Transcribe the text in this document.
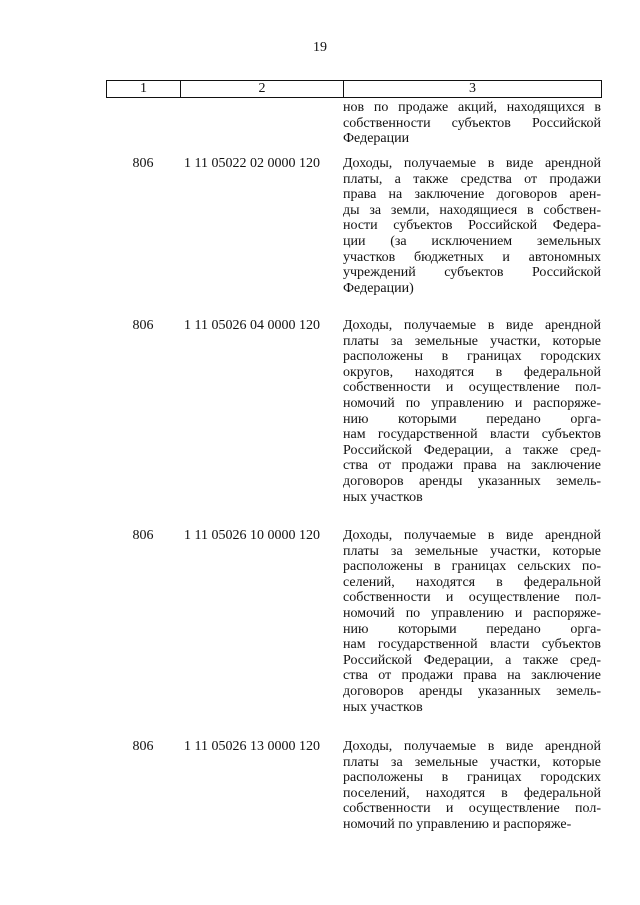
19
1	2	3
нов по продаже акций, находящихся в
собственности субъектов Российской
Федерации
806	1 11 05022 02 0000 120	Доходы, получаемые в виде арендной
платы, а также средства от продажи
права на заключение договоров арен-
ды за земли, находящиеся в собствен-
ности субъектов Российской Федера-
ции (за исключением земельных
участков бюджетных и автономных
учреждений субъектов Российской
Федерации)
806	1 11 05026 04 0000 120	Доходы, получаемые в виде арендной
платы за земельные участки, которые
расположены в границах городских
округов, находятся в федеральной
собственности и осуществление пол-
номочий по управлению и распоряже-
нию которыми передано орга-
нам государственной власти субъектов
Российской Федерации, а также сред-
ства от продажи права на заключение
договоров аренды указанных земель-
ных участков
806	1 11 05026 10 0000 120	Доходы, получаемые в виде арендной
платы за земельные участки, которые
расположены в границах сельских по-
селений, находятся в федеральной
собственности и осуществление пол-
номочий по управлению и распоряже-
нию которыми передано орга-
нам государственной власти субъектов
Российской Федерации, а также сред-
ства от продажи права на заключение
договоров аренды указанных земель-
ных участков
806	1 11 05026 13 0000 120	Доходы, получаемые в виде арендной
платы за земельные участки, которые
расположены в границах городских
поселений, находятся в федеральной
собственности и осуществление пол-
номочий по управлению и распоряже-
